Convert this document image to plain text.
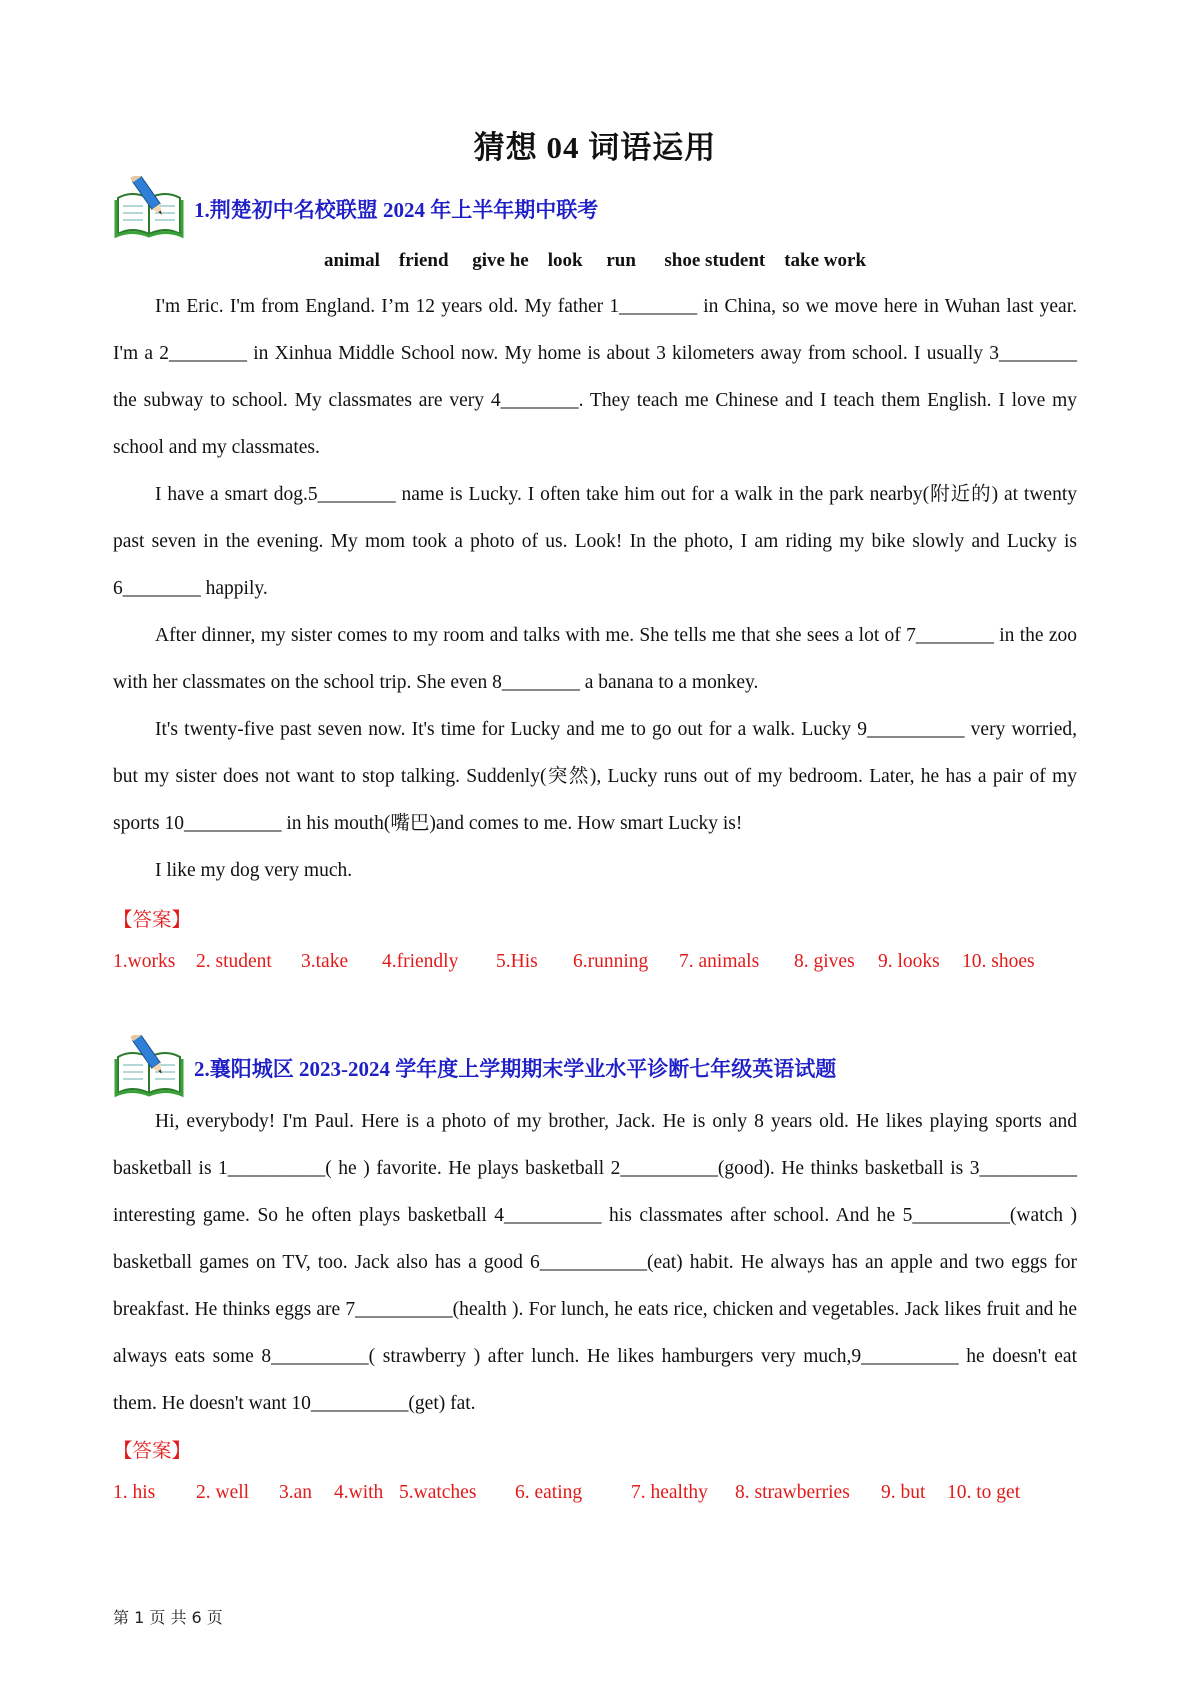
猜想 04 词语运用
1.荆楚初中名校联盟 2024 年上半年期中联考
animal    friend     give he    look     run      shoe student    take work

I'm Eric. I'm from England. I’m 12 years old. My father 1________ in China, so we move here in Wuhan last year. I'm a 2________ in Xinhua Middle School now. My home is about 3 kilometers away from school. I usually 3________ the subway to school. My classmates are very 4________. They teach me Chinese and I teach them English. I love my school and my classmates.

I have a smart dog.5________ name is Lucky. I often take him out for a walk in the park nearby(附近的) at twenty past seven in the evening. My mom took a photo of us. Look! In the photo, I am riding my bike slowly and Lucky is 6________ happily.

After dinner, my sister comes to my room and talks with me. She tells me that she sees a lot of 7________ in the zoo with her classmates on the school trip. She even 8________ a banana to a monkey.

It's twenty-five past seven now. It's time for Lucky and me to go out for a walk. Lucky 9__________ very worried, but my sister does not want to stop talking. Suddenly(突然), Lucky runs out of my bedroom. Later, he has a pair of my sports 10__________ in his mouth(嘴巴)and comes to me. How smart Lucky is!

I like my dog very much.

【答案】
1.works 2. student 3.take 4.friendly 5.His 6.running 7. animals 8. gives 9. looks 10. shoes
2.襄阳城区 2023-2024 学年度上学期期末学业水平诊断七年级英语试题

Hi, everybody! I'm Paul. Here is a photo of my brother, Jack. He is only 8 years old. He likes playing sports and basketball is 1__________( he ) favorite. He plays basketball 2__________(good). He thinks basketball is 3__________ interesting game. So he often plays basketball 4__________ his classmates after school. And he 5__________(watch ) basketball games on TV, too. Jack also has a good 6___________(eat) habit. He always has an apple and two eggs for breakfast. He thinks eggs are 7__________(health ). For lunch, he eats rice, chicken and vegetables. Jack likes fruit and he always eats some 8__________( strawberry ) after lunch. He likes hamburgers very much,9__________ he doesn't eat them. He doesn't want 10__________(get) fat.

【答案】
1. his 2. well 3.an 4.with 5.watches 6. eating	7. healthy 8. strawberries 9. but 10. to get
第 1 页 共 6 页
